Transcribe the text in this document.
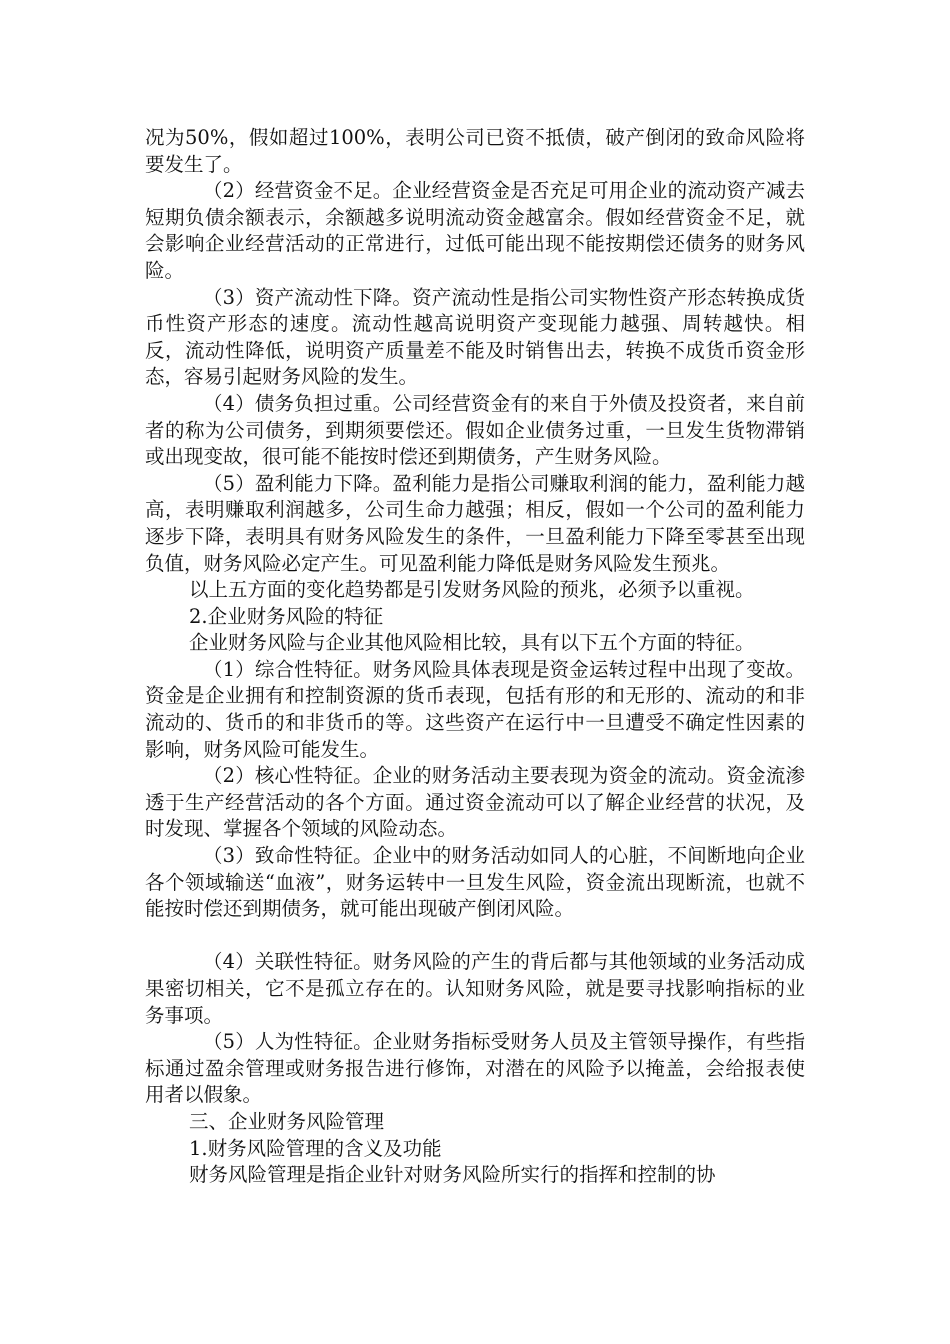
况为50%，假如超过100%，表明公司已资不抵债，破产倒闭的致命风险将要发生了。

（2）经营资金不足。企业经营资金是否充足可用企业的流动资产减去短期负债余额表示，余额越多说明流动资金越富余。假如经营资金不足，就会影响企业经营活动的正常进行，过低可能出现不能按期偿还债务的财务风险。

（3）资产流动性下降。资产流动性是指公司实物性资产形态转换成货币性资产形态的速度。流动性越高说明资产变现能力越强、周转越快。相反，流动性降低，说明资产质量差不能及时销售出去，转换不成货币资金形态，容易引起财务风险的发生。

（4）债务负担过重。公司经营资金有的来自于外债及投资者，来自前者的称为公司债务，到期须要偿还。假如企业债务过重，一旦发生货物滞销或出现变故，很可能不能按时偿还到期债务，产生财务风险。

（5）盈利能力下降。盈利能力是指公司赚取利润的能力，盈利能力越高，表明赚取利润越多，公司生命力越强；相反，假如一个公司的盈利能力逐步下降，表明具有财务风险发生的条件，一旦盈利能力下降至零甚至出现负值，财务风险必定产生。可见盈利能力降低是财务风险发生预兆。

以上五方面的变化趋势都是引发财务风险的预兆，必须予以重视。

2.企业财务风险的特征

企业财务风险与企业其他风险相比较，具有以下五个方面的特征。

（1）综合性特征。财务风险具体表现是资金运转过程中出现了变故。资金是企业拥有和控制资源的货币表现，包括有形的和无形的、流动的和非流动的、货币的和非货币的等。这些资产在运行中一旦遭受不确定性因素的影响，财务风险可能发生。

（2）核心性特征。企业的财务活动主要表现为资金的流动。资金流渗透于生产经营活动的各个方面。通过资金流动可以了解企业经营的状况，及时发现、掌握各个领域的风险动态。

（3）致命性特征。企业中的财务活动如同人的心脏，不间断地向企业各个领域输送“血液”，财务运转中一旦发生风险，资金流出现断流，也就不能按时偿还到期债务，就可能出现破产倒闭风险。

（4）关联性特征。财务风险的产生的背后都与其他领域的业务活动成果密切相关，它不是孤立存在的。认知财务风险，就是要寻找影响指标的业务事项。

（5）人为性特征。企业财务指标受财务人员及主管领导操作，有些指标通过盈余管理或财务报告进行修饰，对潜在的风险予以掩盖，会给报表使用者以假象。

三、企业财务风险管理

1.财务风险管理的含义及功能

财务风险管理是指企业针对财务风险所实行的指挥和控制的协
